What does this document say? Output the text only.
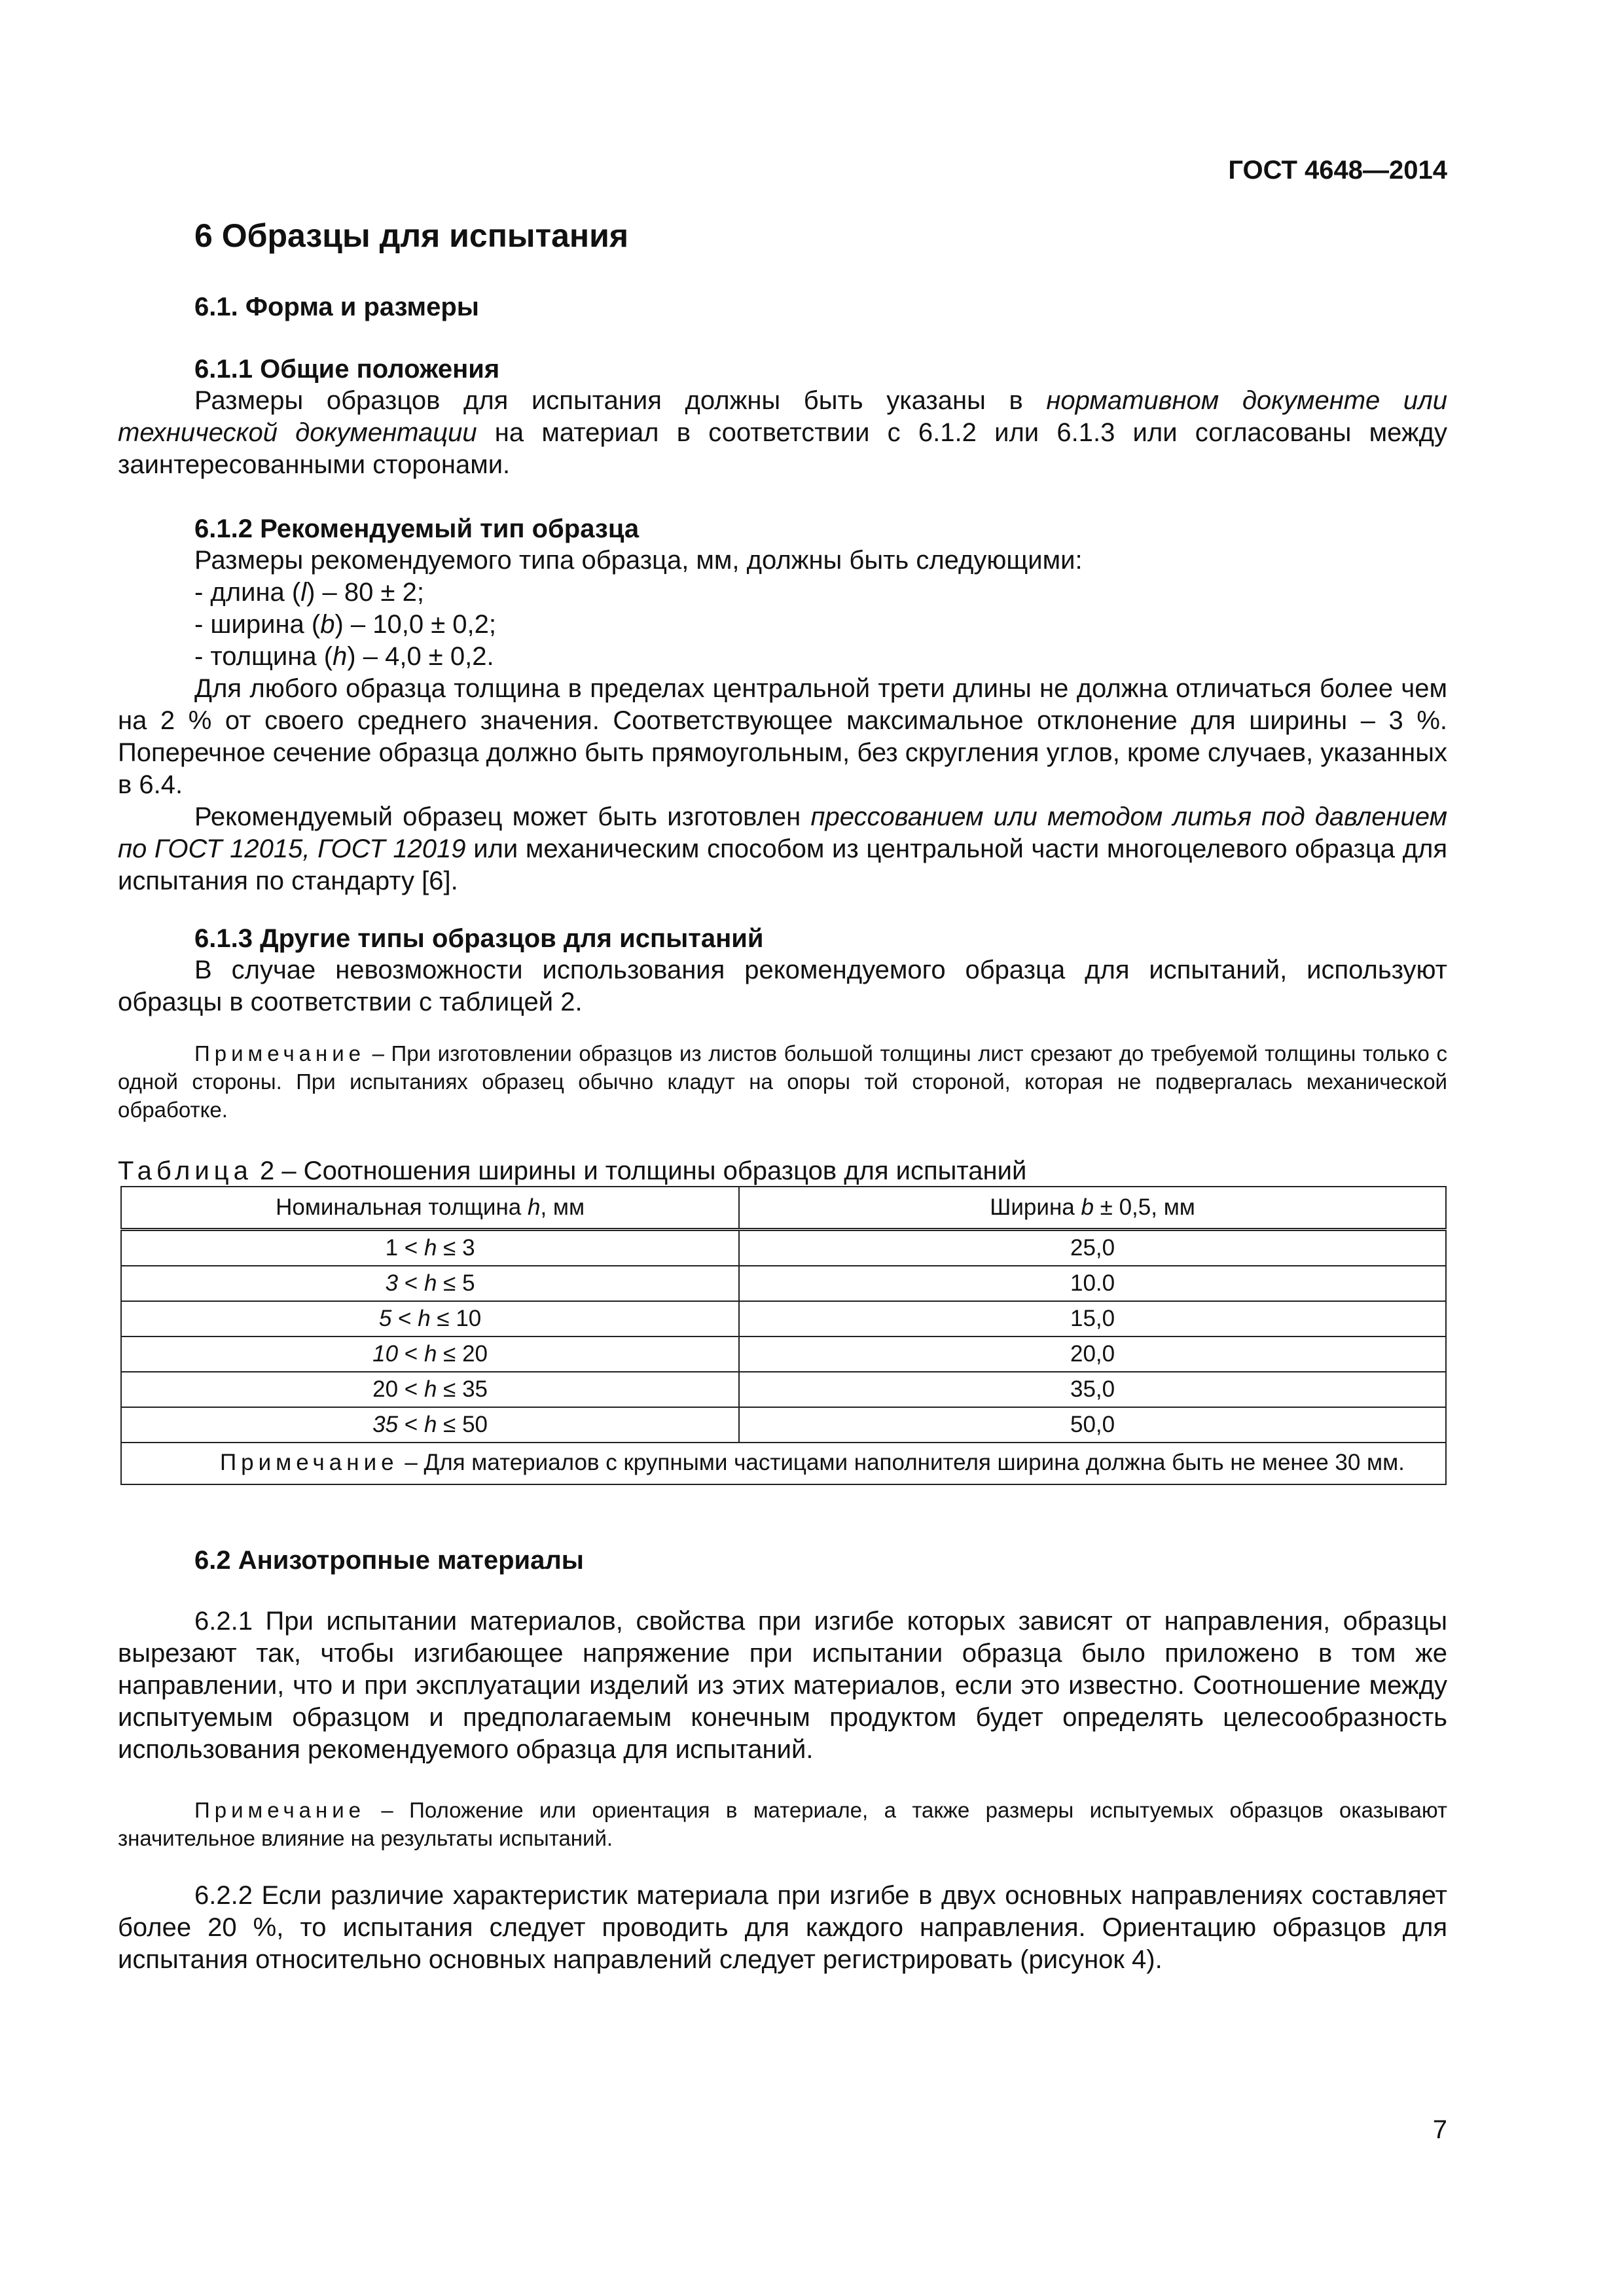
ГОСТ 4648—2014
6 Образцы для испытания
6.1. Форма и размеры
6.1.1 Общие положения
Размеры образцов для испытания должны быть указаны в нормативном документе или технической документации на материал в соответствии с 6.1.2 или 6.1.3 или согласованы между заинтересованными сторонами.
6.1.2 Рекомендуемый тип образца
Размеры рекомендуемого типа образца, мм, должны быть следующими:
- длина (l) – 80 ± 2;
- ширина (b) – 10,0 ± 0,2;
- толщина (h) – 4,0 ± 0,2.
Для любого образца толщина в пределах центральной трети длины не должна отличаться более чем на 2 % от своего среднего значения. Соответствующее максимальное отклонение для ширины – 3 %. Поперечное сечение образца должно быть прямоугольным, без скругления углов, кроме случаев, указанных в 6.4.
Рекомендуемый образец может быть изготовлен прессованием или методом литья под давлением по ГОСТ 12015, ГОСТ 12019 или механическим способом из центральной части многоцелевого образца для испытания по стандарту [6].
6.1.3 Другие типы образцов для испытаний
В случае невозможности использования рекомендуемого образца для испытаний, используют образцы в соответствии с таблицей 2.
Примечание – При изготовлении образцов из листов большой толщины лист срезают до требуемой толщины только с одной стороны. При испытаниях образец обычно кладут на опоры той стороной, которая не подвергалась механической обработке.
Таблица 2 – Соотношения ширины и толщины образцов для испытаний
Номинальная толщина h, мм	Ширина b ± 0,5, мм
1 < h ≤ 3	25,0
3 < h ≤ 5	10.0
5 < h ≤ 10	15,0
10 < h ≤ 20	20,0
20 < h ≤ 35	35,0
35 < h ≤ 50	50,0
Примечание – Для материалов с крупными частицами наполнителя ширина должна быть не менее 30 мм.	
6.2 Анизотропные материалы
6.2.1 При испытании материалов, свойства при изгибе которых зависят от направления, образцы вырезают так, чтобы изгибающее напряжение при испытании образца было приложено в том же направлении, что и при эксплуатации изделий из этих материалов, если это известно. Соотношение между испытуемым образцом и предполагаемым конечным продуктом будет определять целесообразность использования рекомендуемого образца для испытаний.
Примечание – Положение или ориентация в материале, а также размеры испытуемых образцов оказывают значительное влияние на результаты испытаний.
6.2.2 Если различие характеристик материала при изгибе в двух основных направлениях составляет более 20 %, то испытания следует проводить для каждого направления. Ориентацию образцов для испытания относительно основных направлений следует регистрировать (рисунок 4).
7
